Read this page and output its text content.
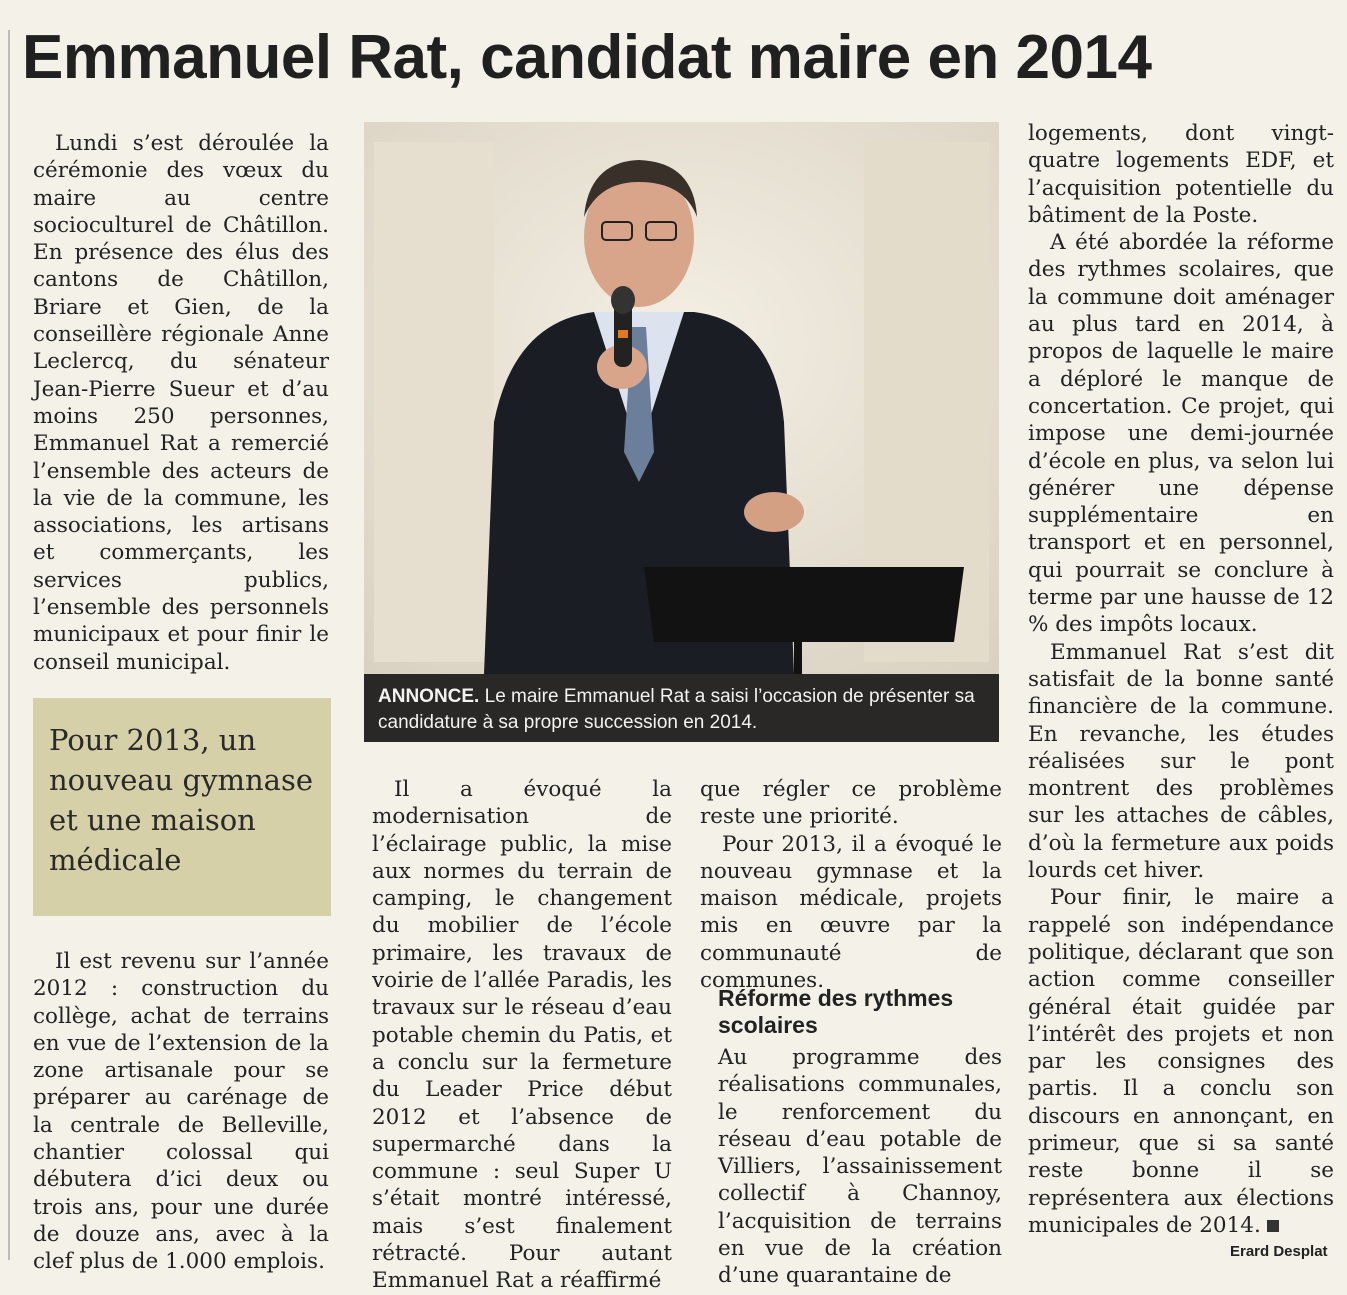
Emmanuel Rat, candidat maire en 2014

Lundi s’est déroulée la cérémonie des vœux du maire au centre socioculturel de Châtillon. En présence des élus des cantons de Châtillon, Briare et Gien, de la conseillère régionale Anne Leclercq, du sénateur Jean-Pierre Sueur et d’au moins 250 personnes, Emmanuel Rat a remercié l’ensemble des acteurs de la vie de la commune, les associations, les artisans et commerçants, les services publics, l’ensemble des personnels municipaux et pour finir le conseil municipal.

Pour 2013, un nouveau gymnase et une maison médicale

Il est revenu sur l’année 2012 : construction du collège, achat de terrains en vue de l’extension de la zone artisanale pour se préparer au carénage de la centrale de Belleville, chantier colossal qui débutera d’ici deux ou trois ans, pour une durée de douze ans, avec à la clef plus de 1.000 emplois.

ANNONCE. Le maire Emmanuel Rat a saisi l’occasion de présenter sa candidature à sa propre succession en 2014.

Il a évoqué la modernisation de l’éclairage public, la mise aux normes du terrain de camping, le changement du mobilier de l’école primaire, les travaux de voirie de l’allée Paradis, les travaux sur le réseau d’eau potable chemin du Patis, et a conclu sur la fermeture du Leader Price début 2012 et l’absence de supermarché dans la commune : seul Super U s’était montré intéressé, mais s’est finalement rétracté. Pour autant Emmanuel Rat a réaffirmé

que régler ce problème reste une priorité.

Pour 2013, il a évoqué le nouveau gymnase et la maison médicale, projets mis en œuvre par la communauté de communes.

Réforme des rythmes scolaires

Au programme des réalisations communales, le renforcement du réseau d’eau potable de Villiers, l’assainissement collectif à Channoy, l’acquisition de terrains en vue de la création d’une quarantaine de

logements, dont vingt-quatre logements EDF, et l’acquisition potentielle du bâtiment de la Poste.

A été abordée la réforme des rythmes scolaires, que la commune doit aménager au plus tard en 2014, à propos de laquelle le maire a déploré le manque de concertation. Ce projet, qui impose une demi-journée d’école en plus, va selon lui générer une dépense supplémentaire en transport et en personnel, qui pourrait se conclure à terme par une hausse de 12 % des impôts locaux.

Emmanuel Rat s’est dit satisfait de la bonne santé financière de la commune. En revanche, les études réalisées sur le pont montrent des problèmes sur les attaches de câbles, d’où la fermeture aux poids lourds cet hiver.

Pour finir, le maire a rappelé son indépendance politique, déclarant que son action comme conseiller général était guidée par l’intérêt des projets et non par les consignes des partis. Il a conclu son discours en annonçant, en primeur, que si sa santé reste bonne il se représentera aux élections municipales de 2014.

Erard Desplat
